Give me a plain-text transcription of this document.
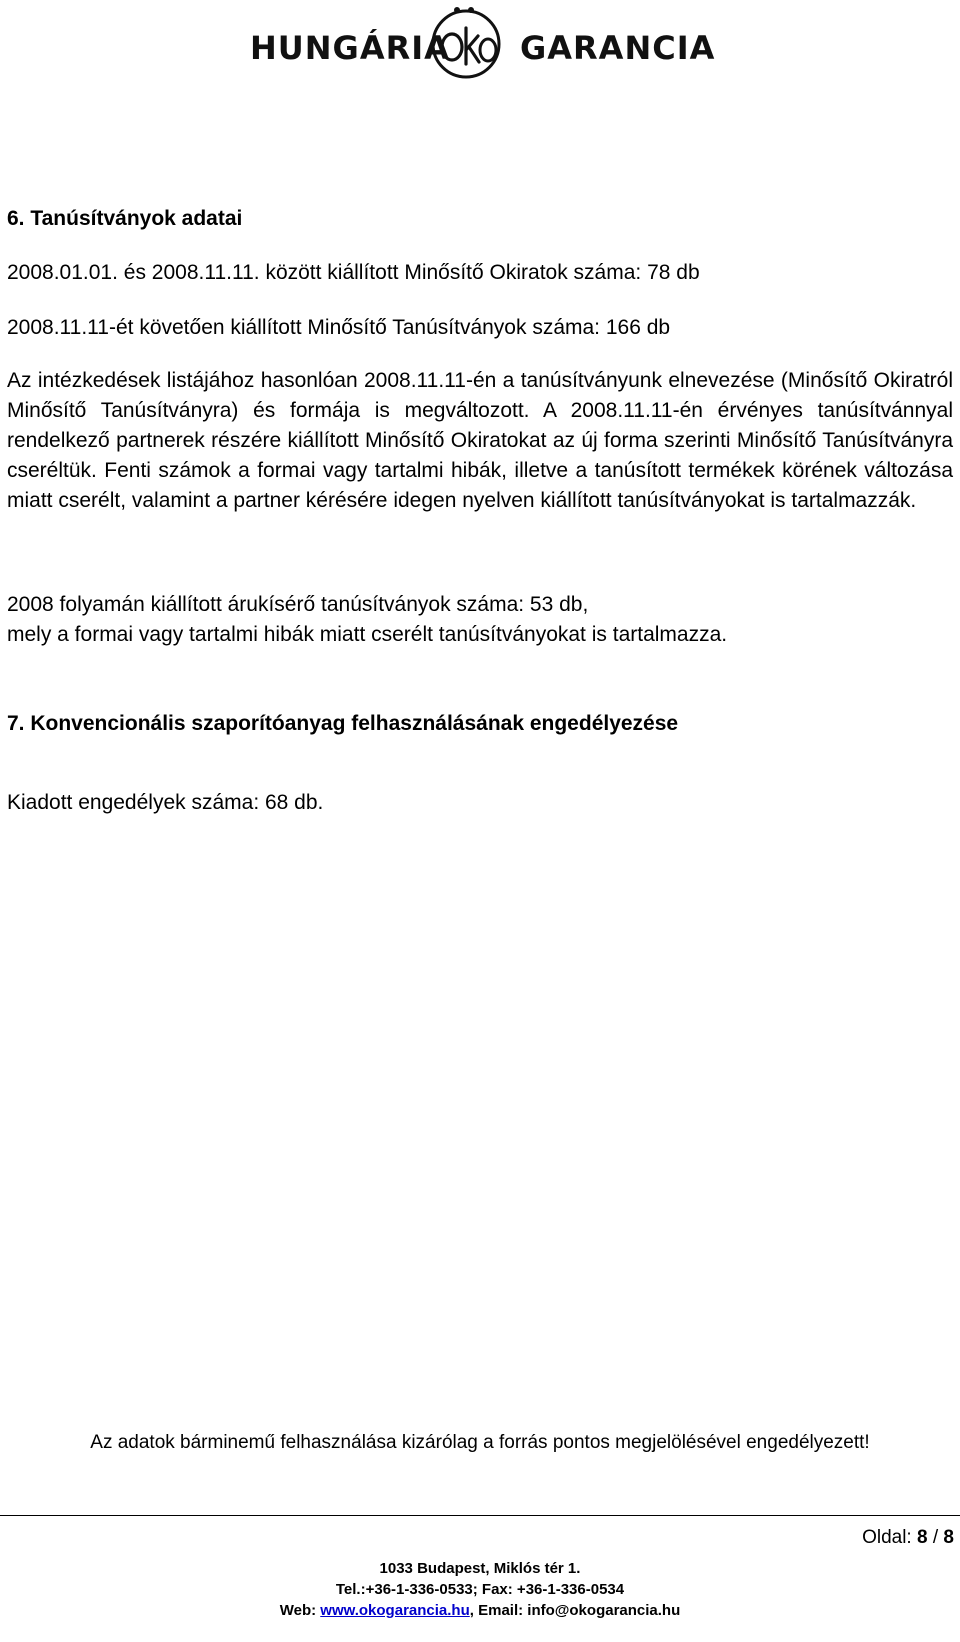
HUNGÁRIA GARANCIA
6. Tanúsítványok adatai
2008.01.01. és 2008.11.11. között kiállított Minősítő Okiratok száma: 78 db
2008.11.11-ét követően kiállított Minősítő Tanúsítványok száma: 166 db
Az intézkedések listájához hasonlóan 2008.11.11-én a tanúsítványunk elnevezése (Minősítő Okiratról Minősítő Tanúsítványra) és formája is megváltozott. A 2008.11.11-én érvényes tanúsítvánnyal rendelkező partnerek részére kiállított Minősítő Okiratokat az új forma szerinti Minősítő Tanúsítványra cseréltük. Fenti számok a formai vagy tartalmi hibák, illetve a tanúsított termékek körének változása miatt cserélt, valamint a partner kérésére idegen nyelven kiállított tanúsítványokat is tartalmazzák.
2008 folyamán kiállított árukísérő tanúsítványok száma: 53 db,
mely a formai vagy tartalmi hibák miatt cserélt tanúsítványokat is tartalmazza.
7. Konvencionális szaporítóanyag felhasználásának engedélyezése
Kiadott engedélyek száma: 68 db.
Az adatok bárminemű felhasználása kizárólag a forrás pontos megjelölésével engedélyezett!
Oldal: 8 / 8
1033 Budapest, Miklós tér 1.
Tel.:+36-1-336-0533; Fax: +36-1-336-0534
Web: www.okogarancia.hu, Email: info@okogarancia.hu
